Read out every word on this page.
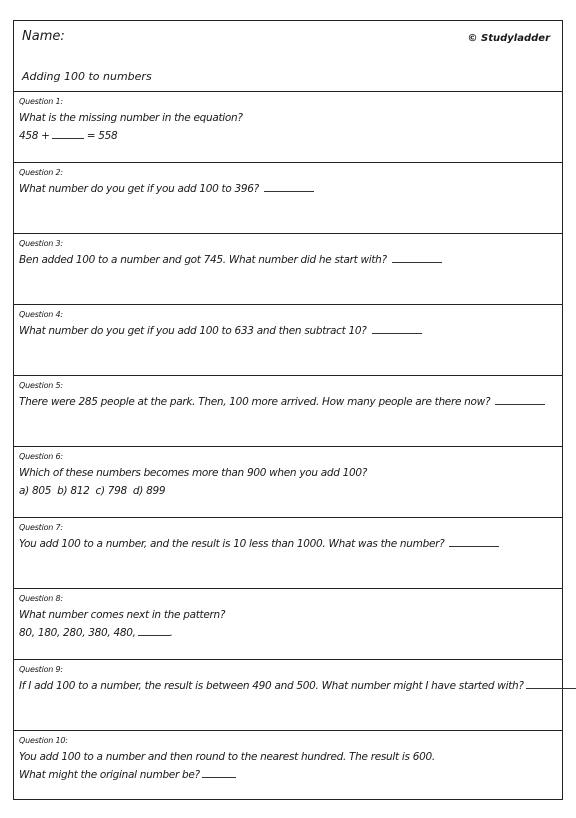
Name:	© Studyladder
Adding 100 to numbers
Question 1:
What is the missing number in the equation?
458 +	= 558
Question 2:
What number do you get if you add 100 to 396?
Question 3:
Ben added 100 to a number and got 745. What number did he start with?
Question 4:
What number do you get if you add 100 to 633 and then subtract 10?
Question 5:
There were 285 people at the park. Then, 100 more arrived. How many people are there now?
Question 6:
Which of these numbers becomes more than 900 when you add 100?
a) 805 b) 812 c) 798 d) 899
Question 7:
You add 100 to a number, and the result is 10 less than 1000. What was the number?
Question 8:
What number comes next in the pattern?
80, 180, 280, 380, 480,	.
Question 9:
If I add 100 to a number, the result is between 490 and 500. What number might I have started with?
Question 10:
You add 100 to a number and then round to the nearest hundred. The result is 600.
What might the original number be?
